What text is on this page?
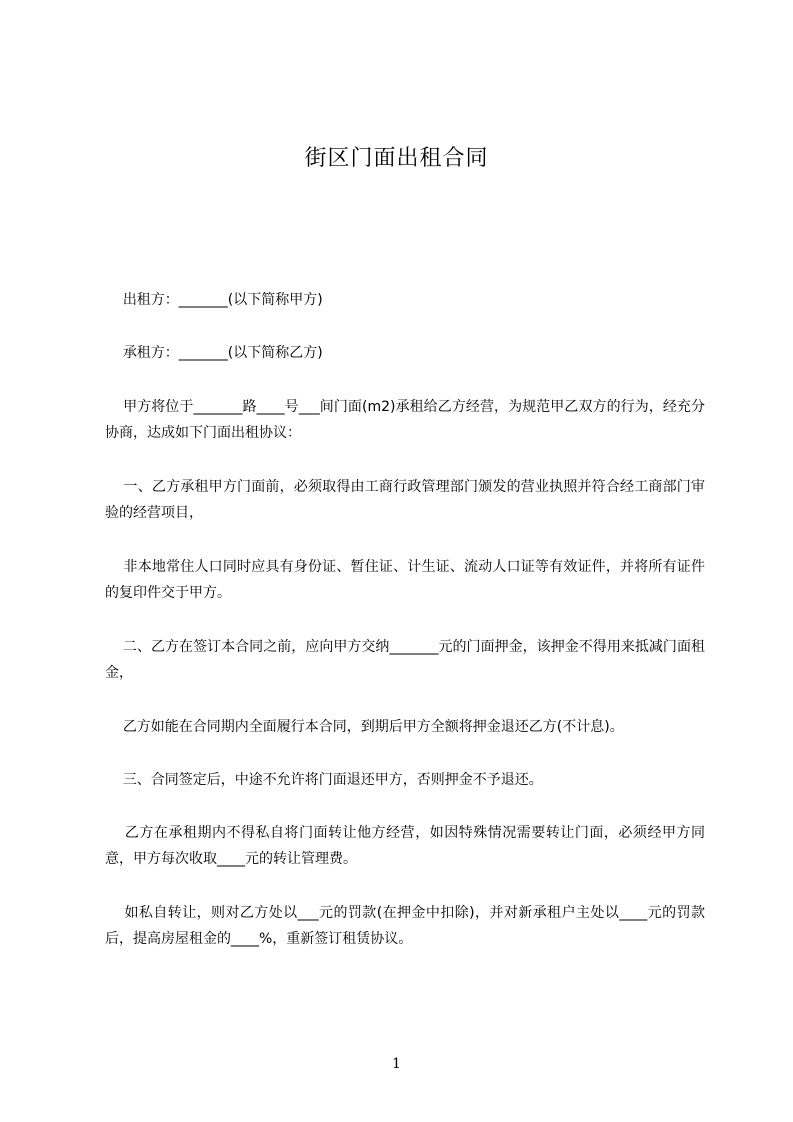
街区门面出租合同
出租方：_______(以下简称甲方)
承租方：_______(以下简称乙方)
甲方将位于_______路____号___间门面(m2)承租给乙方经营，为规范甲乙双方的行为，经充分协商，达成如下门面出租协议：
一、乙方承租甲方门面前，必须取得由工商行政管理部门颁发的营业执照并符合经工商部门审验的经营项目，
非本地常住人口同时应具有身份证、暂住证、计生证、流动人口证等有效证件，并将所有证件的复印件交于甲方。
二、乙方在签订本合同之前，应向甲方交纳_______元的门面押金，该押金不得用来抵减门面租金，
乙方如能在合同期内全面履行本合同，到期后甲方全额将押金退还乙方(不计息)。
三、合同签定后，中途不允许将门面退还甲方，否则押金不予退还。
乙方在承租期内不得私自将门面转让他方经营，如因特殊情况需要转让门面，必须经甲方同意，甲方每次收取____元的转让管理费。
如私自转让，则对乙方处以___元的罚款(在押金中扣除)，并对新承租户主处以____元的罚款后，提高房屋租金的____%，重新签订租赁协议。
1
